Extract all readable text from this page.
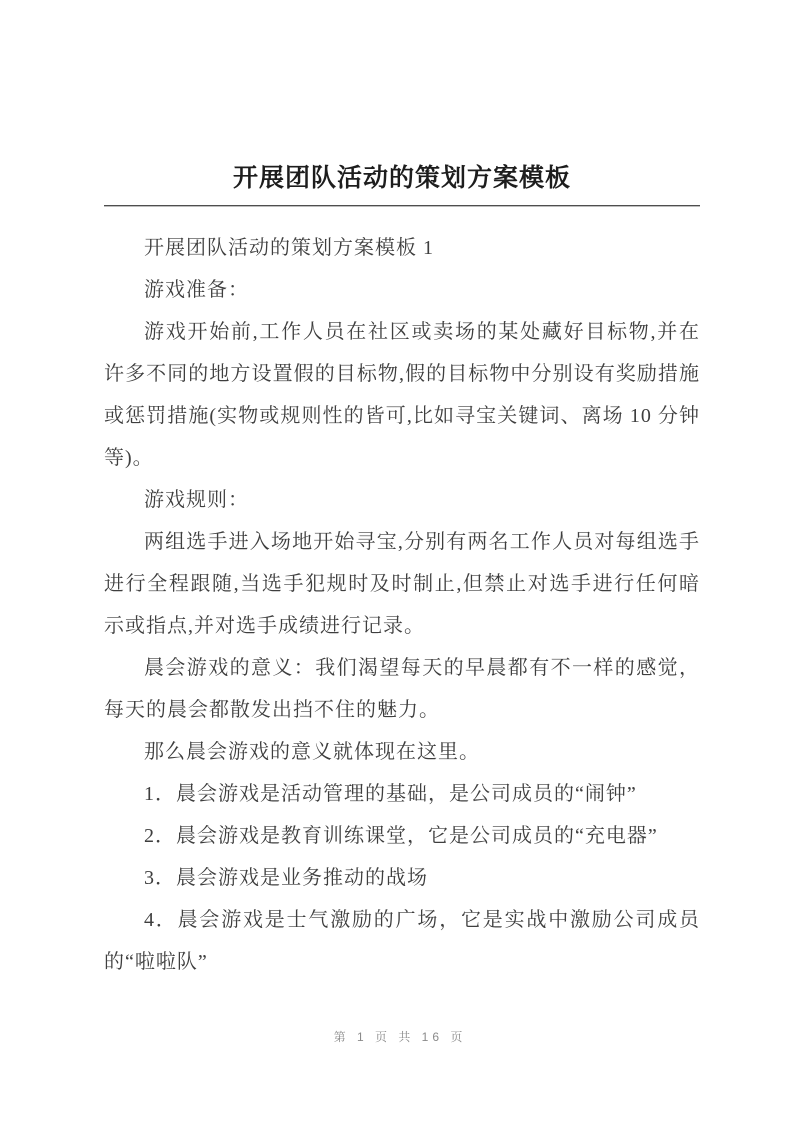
开展团队活动的策划方案模板

开展团队活动的策划方案模板 1

游戏准备：

游戏开始前,工作人员在社区或卖场的某处藏好目标物,并在许多不同的地方设置假的目标物,假的目标物中分别设有奖励措施或惩罚措施(实物或规则性的皆可,比如寻宝关键词、离场 10 分钟等)。

游戏规则：

两组选手进入场地开始寻宝,分别有两名工作人员对每组选手进行全程跟随,当选手犯规时及时制止,但禁止对选手进行任何暗示或指点,并对选手成绩进行记录。

晨会游戏的意义：我们渴望每天的早晨都有不一样的感觉，每天的晨会都散发出挡不住的魅力。

那么晨会游戏的意义就体现在这里。

1．晨会游戏是活动管理的基础，是公司成员的“闹钟”

2．晨会游戏是教育训练课堂，它是公司成员的“充电器”

3．晨会游戏是业务推动的战场

4．晨会游戏是士气激励的广场，它是实战中激励公司成员的“啦啦队”

第 1 页 共 16 页
